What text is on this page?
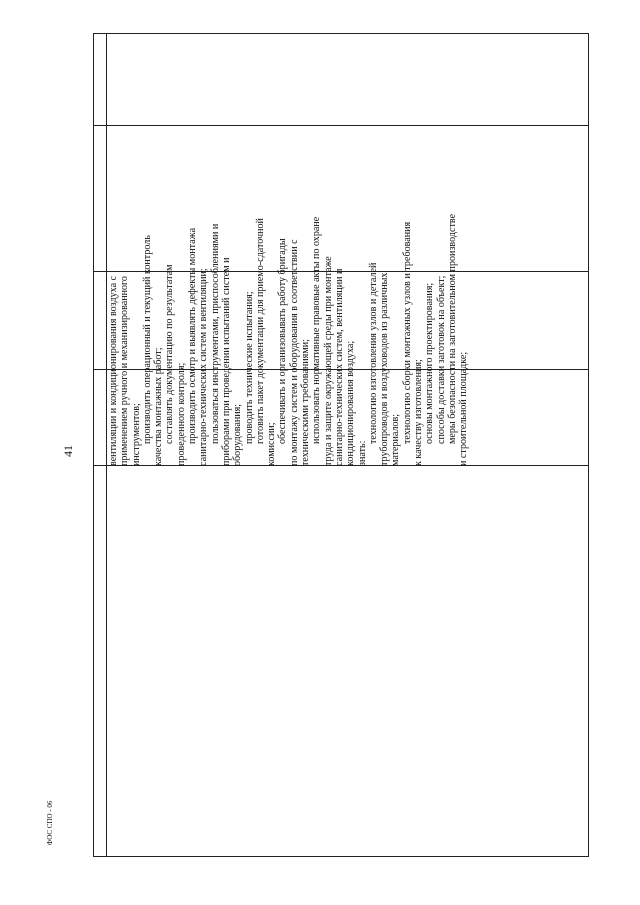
41
ФОС СПО - 06
вентиляции и кондиционирования воздуха с применением ручного и механизированного инструментов; производить операционный и текущий контроль качества монтажных работ; составлять документацию по результатам проведенного контроля; производить осмотр и выявлять дефекты монтажа санитарно-технических систем и вентиляции; пользоваться инструментами, приспособлениями и приборами при проведении испытаний систем и оборудования; проводить технические испытания; готовить пакет документации для приемо-сдаточной
комиссии;
обеспечивать и организовывать работу бригады по монтажу систем и оборудования в соответствии с техническими требованиями; использовать нормативные правовые акты по охране труда и защите окружающей среды при монтаже санитарно-технических систем, вентиляции и кондиционирования воздуха; знать:
технологию изготовления узлов и деталей трубопроводов и воздуховодов из различных материалов; технологию сборки монтажных узлов и требования к качеству изготовления; основы монтажного проектирования; способы доставки заготовок на объект; меры безопасности на заготовительном производстве и строительной площадке;
